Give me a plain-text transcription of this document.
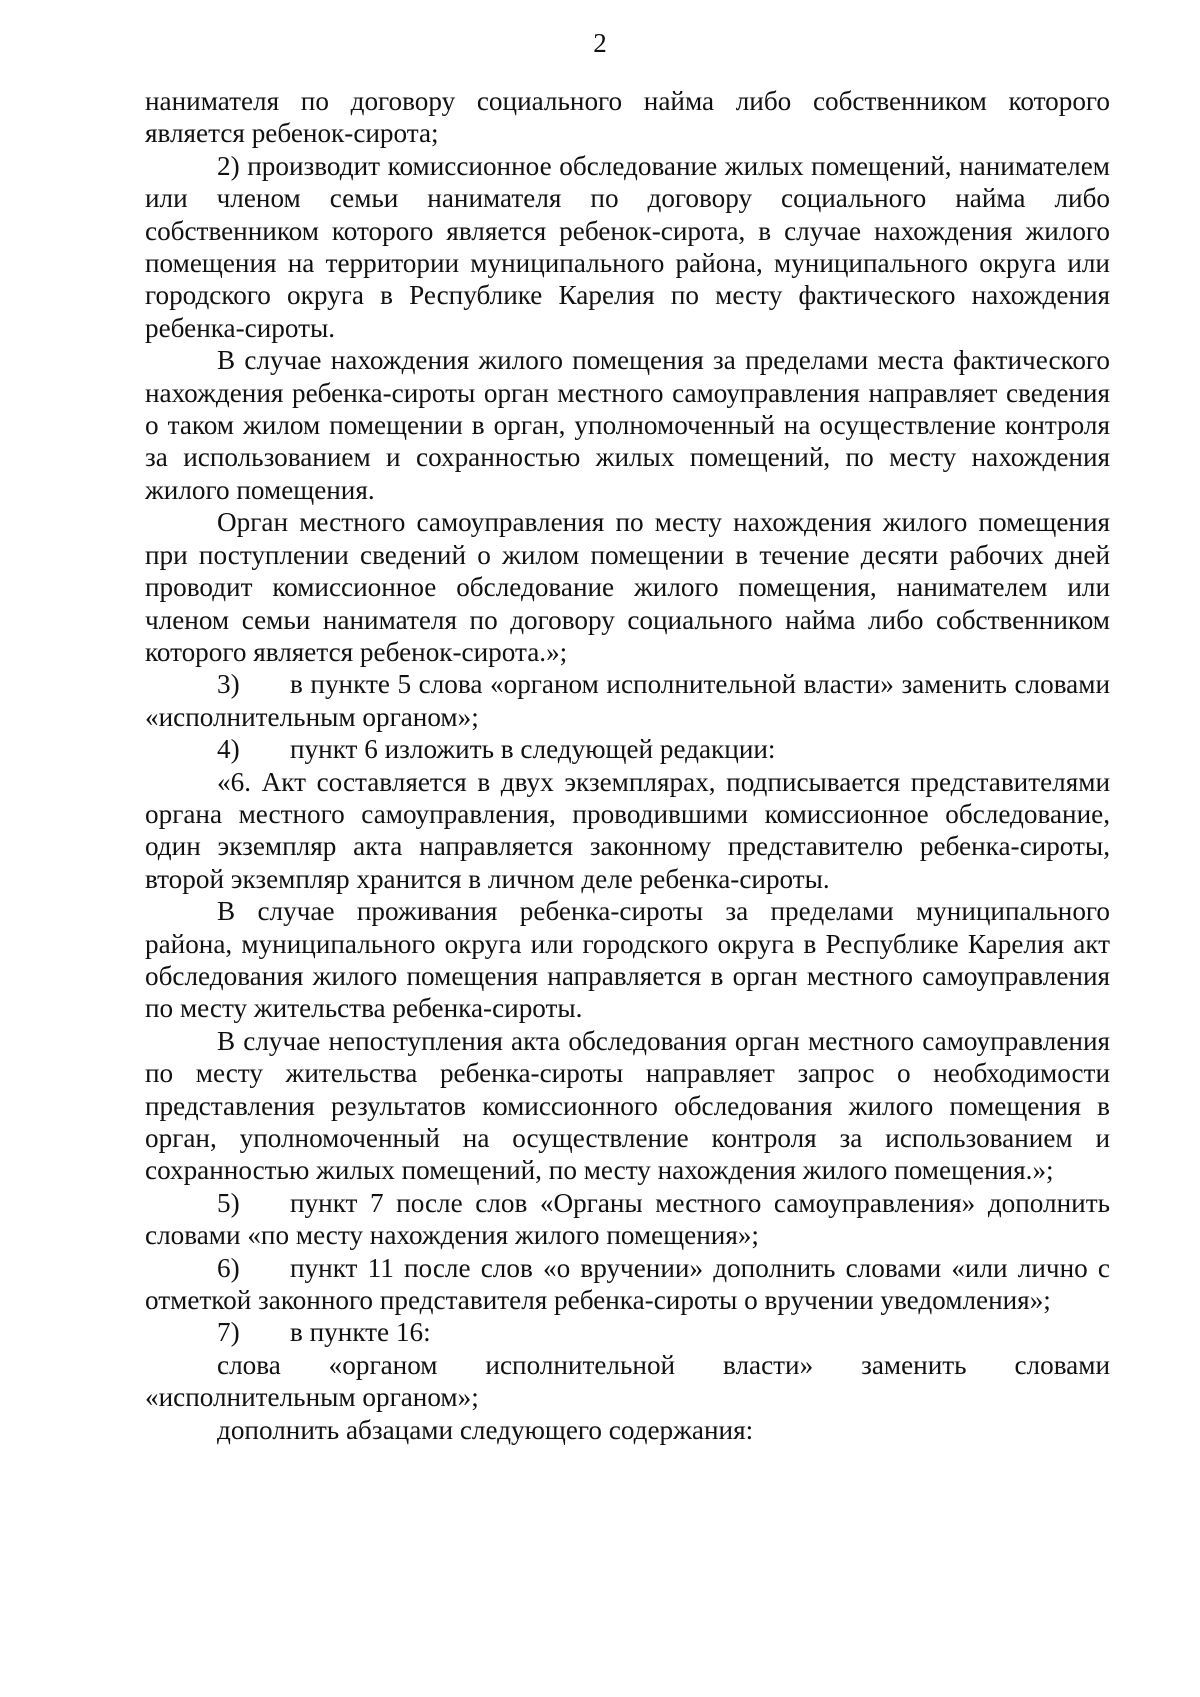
2

нанимателя по договору социального найма либо собственником которого является ребенок-сирота;

2) производит комиссионное обследование жилых помещений, нанимателем или членом семьи нанимателя по договору социального найма либо собственником которого является ребенок-сирота, в случае нахождения жилого помещения на территории муниципального района, муниципального округа или городского округа в Республике Карелия по месту фактического нахождения ребенка-сироты.

В случае нахождения жилого помещения за пределами места фактического нахождения ребенка-сироты орган местного самоуправления направляет сведения о таком жилом помещении в орган, уполномоченный на осуществление контроля за использованием и сохранностью жилых помещений, по месту нахождения жилого помещения.

Орган местного самоуправления по месту нахождения жилого помещения при поступлении сведений о жилом помещении в течение десяти рабочих дней проводит комиссионное обследование жилого помещения, нанимателем или членом семьи нанимателя по договору социального найма либо собственником которого является ребенок-сирота.»;

3) в пункте 5 слова «органом исполнительной власти» заменить словами «исполнительным органом»;

4) пункт 6 изложить в следующей редакции:

«6. Акт составляется в двух экземплярах, подписывается представителями органа местного самоуправления, проводившими комиссионное обследование, один экземпляр акта направляется законному представителю ребенка-сироты, второй экземпляр хранится в личном деле ребенка-сироты.

В случае проживания ребенка-сироты за пределами муниципального района, муниципального округа или городского округа в Республике Карелия акт обследования жилого помещения направляется в орган местного самоуправления по месту жительства ребенка-сироты.

В случае непоступления акта обследования орган местного самоуправления по месту жительства ребенка-сироты направляет запрос о необходимости представления результатов комиссионного обследования жилого помещения в орган, уполномоченный на осуществление контроля за использованием и сохранностью жилых помещений, по месту нахождения жилого помещения.»;

5) пункт 7 после слов «Органы местного самоуправления» дополнить словами «по месту нахождения жилого помещения»;

6) пункт 11 после слов «о вручении» дополнить словами «или лично с отметкой законного представителя ребенка-сироты о вручении уведомления»;

7) в пункте 16:

слова «органом исполнительной власти» заменить словами «исполнительным органом»;

дополнить абзацами следующего содержания:
